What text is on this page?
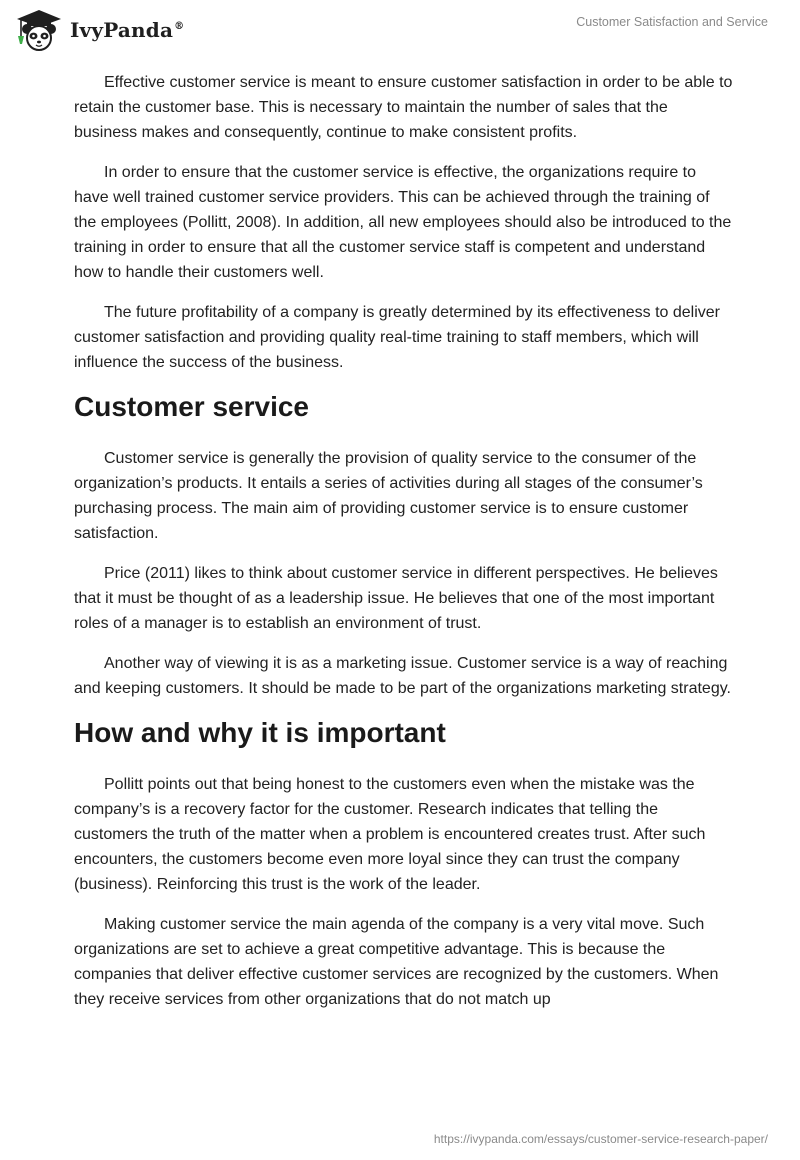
IvyPanda®	Customer Satisfaction and Service

Effective customer service is meant to ensure customer satisfaction in order to be able to retain the customer base. This is necessary to maintain the number of sales that the business makes and consequently, continue to make consistent profits.

In order to ensure that the customer service is effective, the organizations require to have well trained customer service providers. This can be achieved through the training of the employees (Pollitt, 2008). In addition, all new employees should also be introduced to the training in order to ensure that all the customer service staff is competent and understand how to handle their customers well.

The future profitability of a company is greatly determined by its effectiveness to deliver customer satisfaction and providing quality real-time training to staff members, which will influence the success of the business.

Customer service

Customer service is generally the provision of quality service to the consumer of the organization’s products. It entails a series of activities during all stages of the consumer’s purchasing process. The main aim of providing customer service is to ensure customer satisfaction.

Price (2011) likes to think about customer service in different perspectives. He believes that it must be thought of as a leadership issue. He believes that one of the most important roles of a manager is to establish an environment of trust.

Another way of viewing it is as a marketing issue. Customer service is a way of reaching and keeping customers. It should be made to be part of the organizations marketing strategy.

How and why it is important

Pollitt points out that being honest to the customers even when the mistake was the company’s is a recovery factor for the customer. Research indicates that telling the customers the truth of the matter when a problem is encountered creates trust. After such encounters, the customers become even more loyal since they can trust the company (business). Reinforcing this trust is the work of the leader.

Making customer service the main agenda of the company is a very vital move. Such organizations are set to achieve a great competitive advantage. This is because the companies that deliver effective customer services are recognized by the customers. When they receive services from other organizations that do not match up

https://ivypanda.com/essays/customer-service-research-paper/
